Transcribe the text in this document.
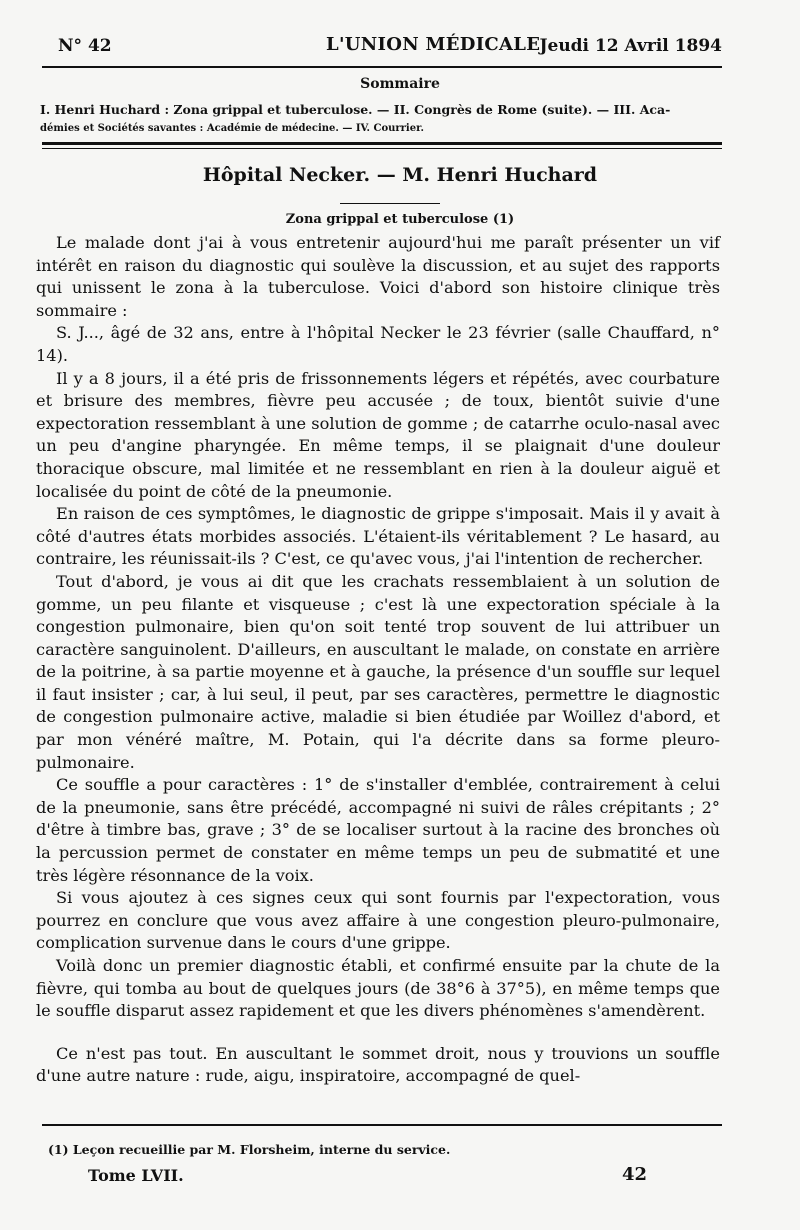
N° 42	L'UNION MÉDICALE Jeudi 12 Avril 1894
Sommaire
I. Henri Huchard : Zona grippal et tuberculose. — II. Congrès de Rome (suite). — III. Aca-
démies et Sociétés savantes : Académie de médecine. — IV. Courrier.
Hôpital Necker. — M. Henri Huchard
Zona grippal et tuberculose (1)

Le malade dont j'ai à vous entretenir aujourd'hui me paraît présenter un vif intérêt en raison du diagnostic qui soulève la discussion, et au sujet des rapports qui unissent le zona à la tuberculose. Voici d'abord son histoire clinique très sommaire :

S. J..., âgé de 32 ans, entre à l'hôpital Necker le 23 février (salle Chauffard, n° 14).

Il y a 8 jours, il a été pris de frissonnements légers et répétés, avec courbature et brisure des membres, fièvre peu accusée ; de toux, bientôt suivie d'une expectoration ressemblant à une solution de gomme ; de catarrhe oculo-nasal avec un peu d'angine pharyngée. En même temps, il se plaignait d'une douleur thoracique obscure, mal limitée et ne ressemblant en rien à la douleur aiguë et localisée du point de côté de la pneumonie.

En raison de ces symptômes, le diagnostic de grippe s'imposait. Mais il y avait à côté d'autres états morbides associés. L'étaient-ils véritablement ? Le hasard, au contraire, les réunissait-ils ? C'est, ce qu'avec vous, j'ai l'intention de rechercher.

Tout d'abord, je vous ai dit que les crachats ressemblaient à un solution de gomme, un peu filante et visqueuse ; c'est là une expectoration spéciale à la congestion pulmonaire, bien qu'on soit tenté trop souvent de lui attribuer un caractère sanguinolent. D'ailleurs, en auscultant le malade, on constate en arrière de la poitrine, à sa partie moyenne et à gauche, la présence d'un souffle sur lequel il faut insister ; car, à lui seul, il peut, par ses caractères, permettre le diagnostic de congestion pulmonaire active, maladie si bien étudiée par Woillez d'abord, et par mon vénéré maître, M. Potain, qui l'a décrite dans sa forme pleuro-pulmonaire.

Ce souffle a pour caractères : 1° de s'installer d'emblée, contrairement à celui de la pneumonie, sans être précédé, accompagné ni suivi de râles crépitants ; 2° d'être à timbre bas, grave ; 3° de se localiser surtout à la racine des bronches où la percussion permet de constater en même temps un peu de submatité et une très légère résonnance de la voix.

Si vous ajoutez à ces signes ceux qui sont fournis par l'expectoration, vous pourrez en conclure que vous avez affaire à une congestion pleuro-pulmonaire, complication survenue dans le cours d'une grippe.

Voilà donc un premier diagnostic établi, et confirmé ensuite par la chute de la fièvre, qui tomba au bout de quelques jours (de 38°6 à 37°5), en même temps que le souffle disparut assez rapidement et que les divers phénomènes s'amendèrent.

Ce n'est pas tout. En auscultant le sommet droit, nous y trouvions un souffle d'une autre nature : rude, aigu, inspiratoire, accompagné de quel-

(1) Leçon recueillie par M. Florsheim, interne du service.
Tome LVII.	42
